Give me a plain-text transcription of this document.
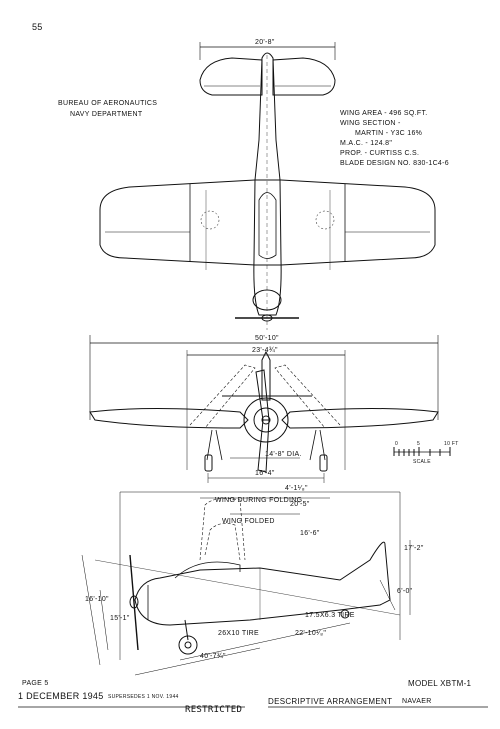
55
BUREAU OF AERONAUTICS
NAVY DEPARTMENT	WING AREA - 496 SQ.FT.
WING SECTION -
MARTIN - Y3C 16%
M.A.C. - 124.8"
PROP. - CURTISS C.S.
BLADE DESIGN NO. 830-1C4-6
20'-8"
50'-10"
23'-4¾"
14'-8" DIA.
16'-4"
0	5	10 FT
SCALE
4'-1¹⁄₈"
WING DURING FOLDING
20'-5"
WING FOLDED
16'-6"
17'-2"
6'-0"
16'-10"
15'-1"	17.5X6.3 TIRE
26X10 TIRE	22'-10¹⁄₈"
40'-7¾"
PAGE 5
1 DECEMBER 1945 SUPERSEDES 1 NOV. 1944
RESTRICTED
MODEL XBTM-1
DESCRIPTIVE ARRANGEMENT NAVAER
